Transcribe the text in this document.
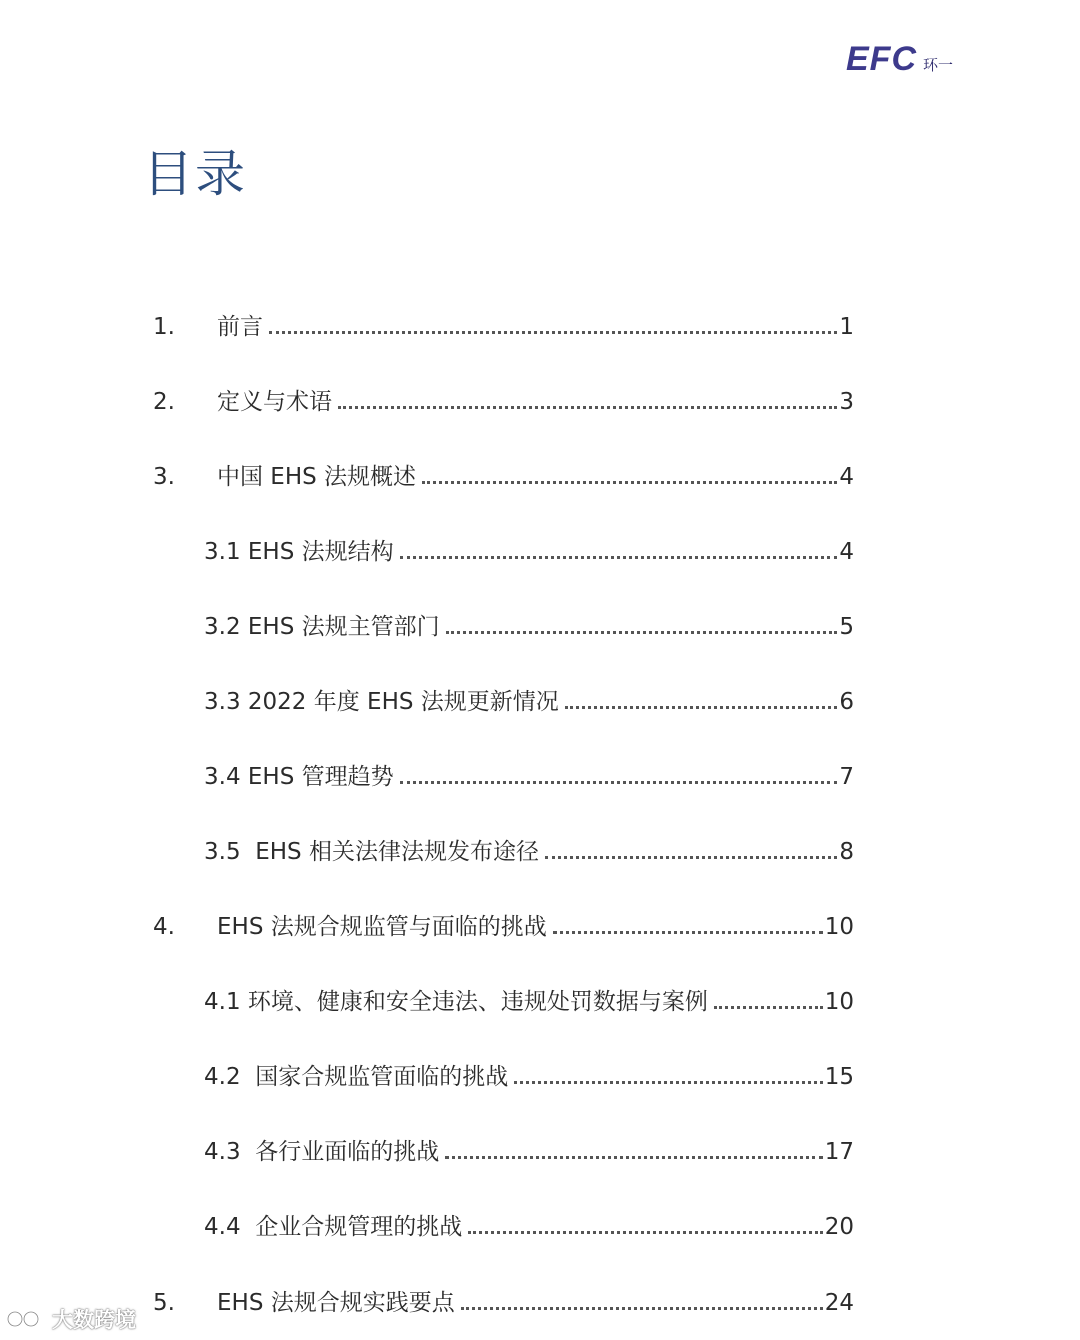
EFC 环一
目录
1.	前言	1
2.	定义与术语	3
3.	中国 EHS 法规概述	4
3.1 EHS 法规结构	4
3.2 EHS 法规主管部门	5
3.3 2022 年度 EHS 法规更新情况	6
3.4 EHS 管理趋势	7
3.5 EHS 相关法律法规发布途径	8
4.	EHS 法规合规监管与面临的挑战	10
4.1 环境、健康和安全违法、违规处罚数据与案例	10
4.2 国家合规监管面临的挑战	15
4.3 各行业面临的挑战	17
4.4 企业合规管理的挑战	20
5.	EHS 法规合规实践要点	24
大数跨境
